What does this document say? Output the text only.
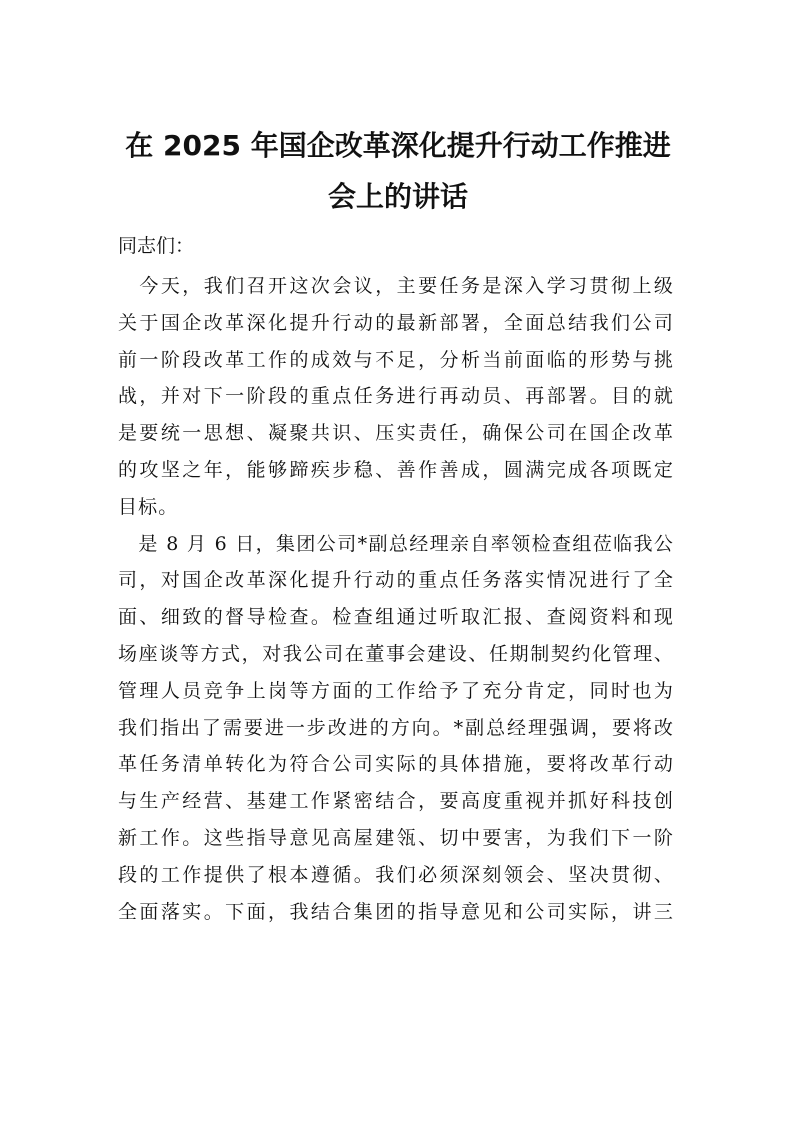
在 2025 年国企改革深化提升行动工作推进
会上的讲话

同志们：

　今天，我们召开这次会议，主要任务是深入学习贯彻上级
关于国企改革深化提升行动的最新部署，全面总结我们公司
前一阶段改革工作的成效与不足，分析当前面临的形势与挑
战，并对下一阶段的重点任务进行再动员、再部署。目的就
是要统一思想、凝聚共识、压实责任，确保公司在国企改革
的攻坚之年，能够蹄疾步稳、善作善成，圆满完成各项既定
目标。

　是 8 月 6 日，集团公司*副总经理亲自率领检查组莅临我公
司，对国企改革深化提升行动的重点任务落实情况进行了全
面、细致的督导检查。检查组通过听取汇报、查阅资料和现
场座谈等方式，对我公司在董事会建设、任期制契约化管理、
管理人员竞争上岗等方面的工作给予了充分肯定，同时也为
我们指出了需要进一步改进的方向。*副总经理强调，要将改
革任务清单转化为符合公司实际的具体措施，要将改革行动
与生产经营、基建工作紧密结合，要高度重视并抓好科技创
新工作。这些指导意见高屋建瓴、切中要害，为我们下一阶
段的工作提供了根本遵循。我们必须深刻领会、坚决贯彻、
全面落实。下面，我结合集团的指导意见和公司实际，讲三
